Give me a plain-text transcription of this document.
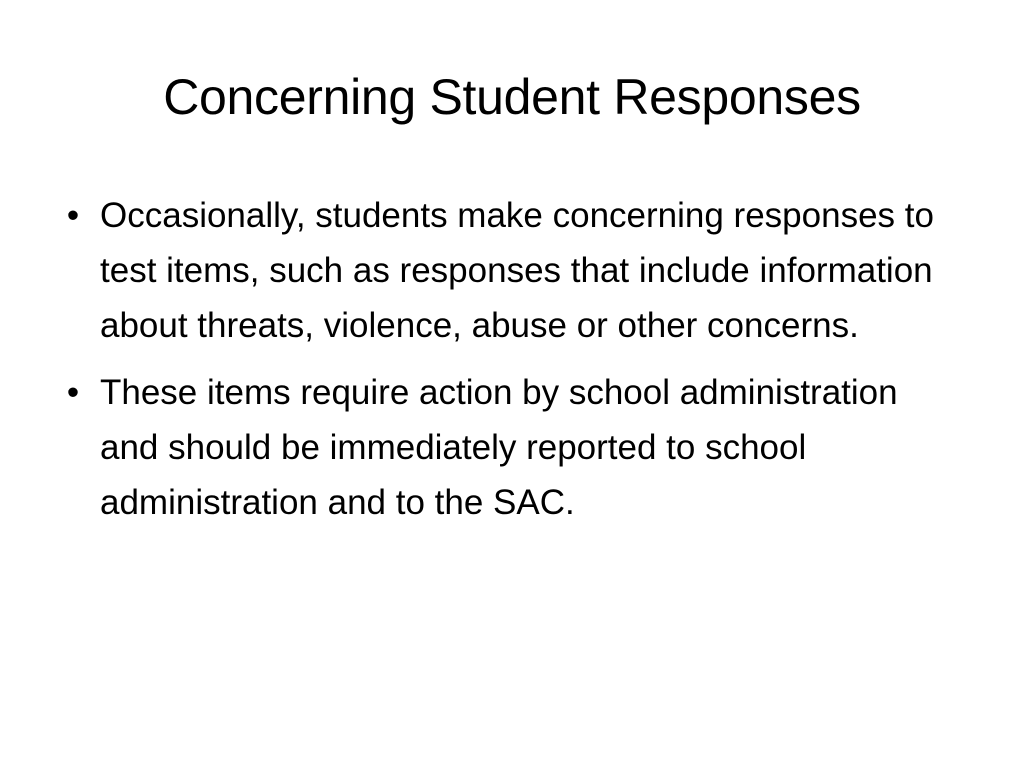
Concerning Student Responses
• Occasionally, students make concerning responses to test items, such as responses that include information about threats, violence, abuse or other concerns.
• These items require action by school administration and should be immediately reported to school administration and to the SAC.
